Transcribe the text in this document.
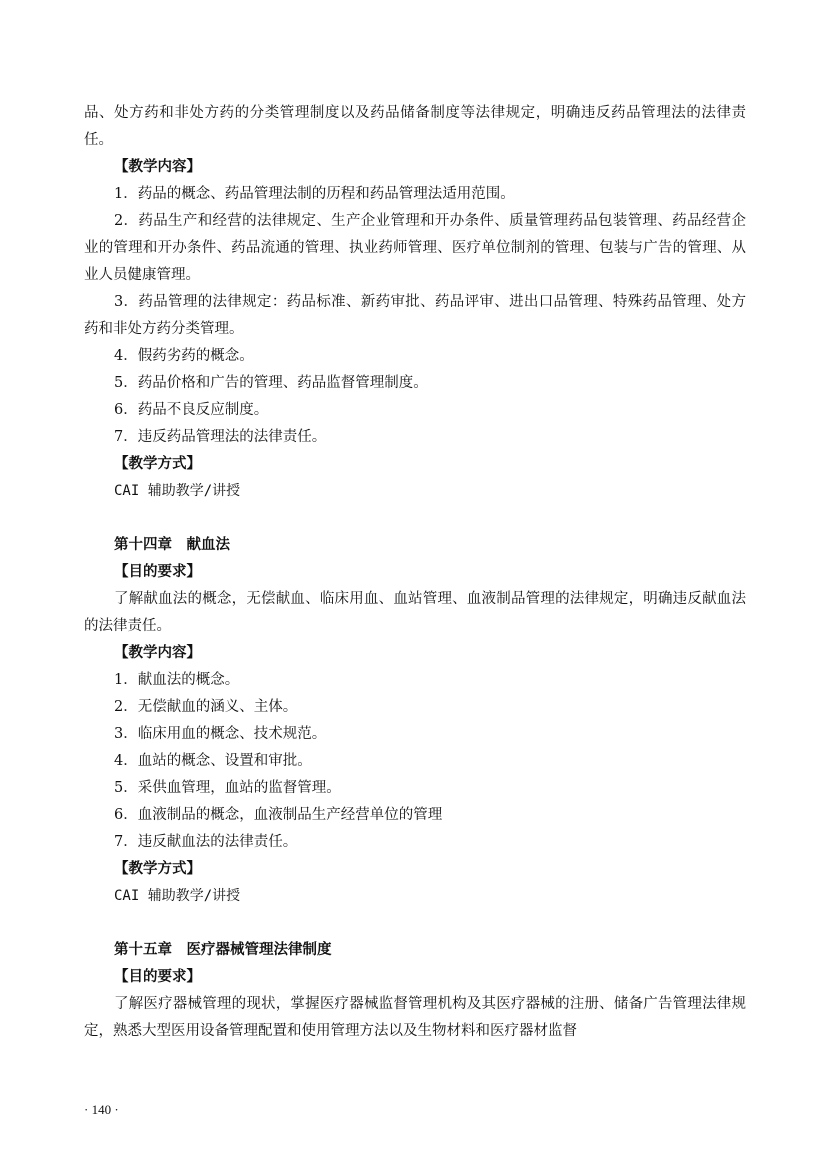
品、处方药和非处方药的分类管理制度以及药品储备制度等法律规定，明确违反药品管理法的法律责任。

【教学内容】

1．药品的概念、药品管理法制的历程和药品管理法适用范围。

2．药品生产和经营的法律规定、生产企业管理和开办条件、质量管理药品包装管理、药品经营企业的管理和开办条件、药品流通的管理、执业药师管理、医疗单位制剂的管理、包装与广告的管理、从业人员健康管理。

3．药品管理的法律规定：药品标准、新药审批、药品评审、进出口品管理、特殊药品管理、处方药和非处方药分类管理。

4．假药劣药的概念。

5．药品价格和广告的管理、药品监督管理制度。

6．药品不良反应制度。

7．违反药品管理法的法律责任。

【教学方式】

CAI 辅助教学/讲授

第十四章　献血法

【目的要求】

了解献血法的概念，无偿献血、临床用血、血站管理、血液制品管理的法律规定，明确违反献血法的法律责任。

【教学内容】

1．献血法的概念。

2．无偿献血的涵义、主体。

3．临床用血的概念、技术规范。

4．血站的概念、设置和审批。

5．采供血管理，血站的监督管理。

6．血液制品的概念，血液制品生产经营单位的管理

7．违反献血法的法律责任。

【教学方式】

CAI 辅助教学/讲授

第十五章　医疗器械管理法律制度

【目的要求】

了解医疗器械管理的现状，掌握医疗器械监督管理机构及其医疗器械的注册、储备广告管理法律规定，熟悉大型医用设备管理配置和使用管理方法以及生物材料和医疗器材监督

· 140 ·
